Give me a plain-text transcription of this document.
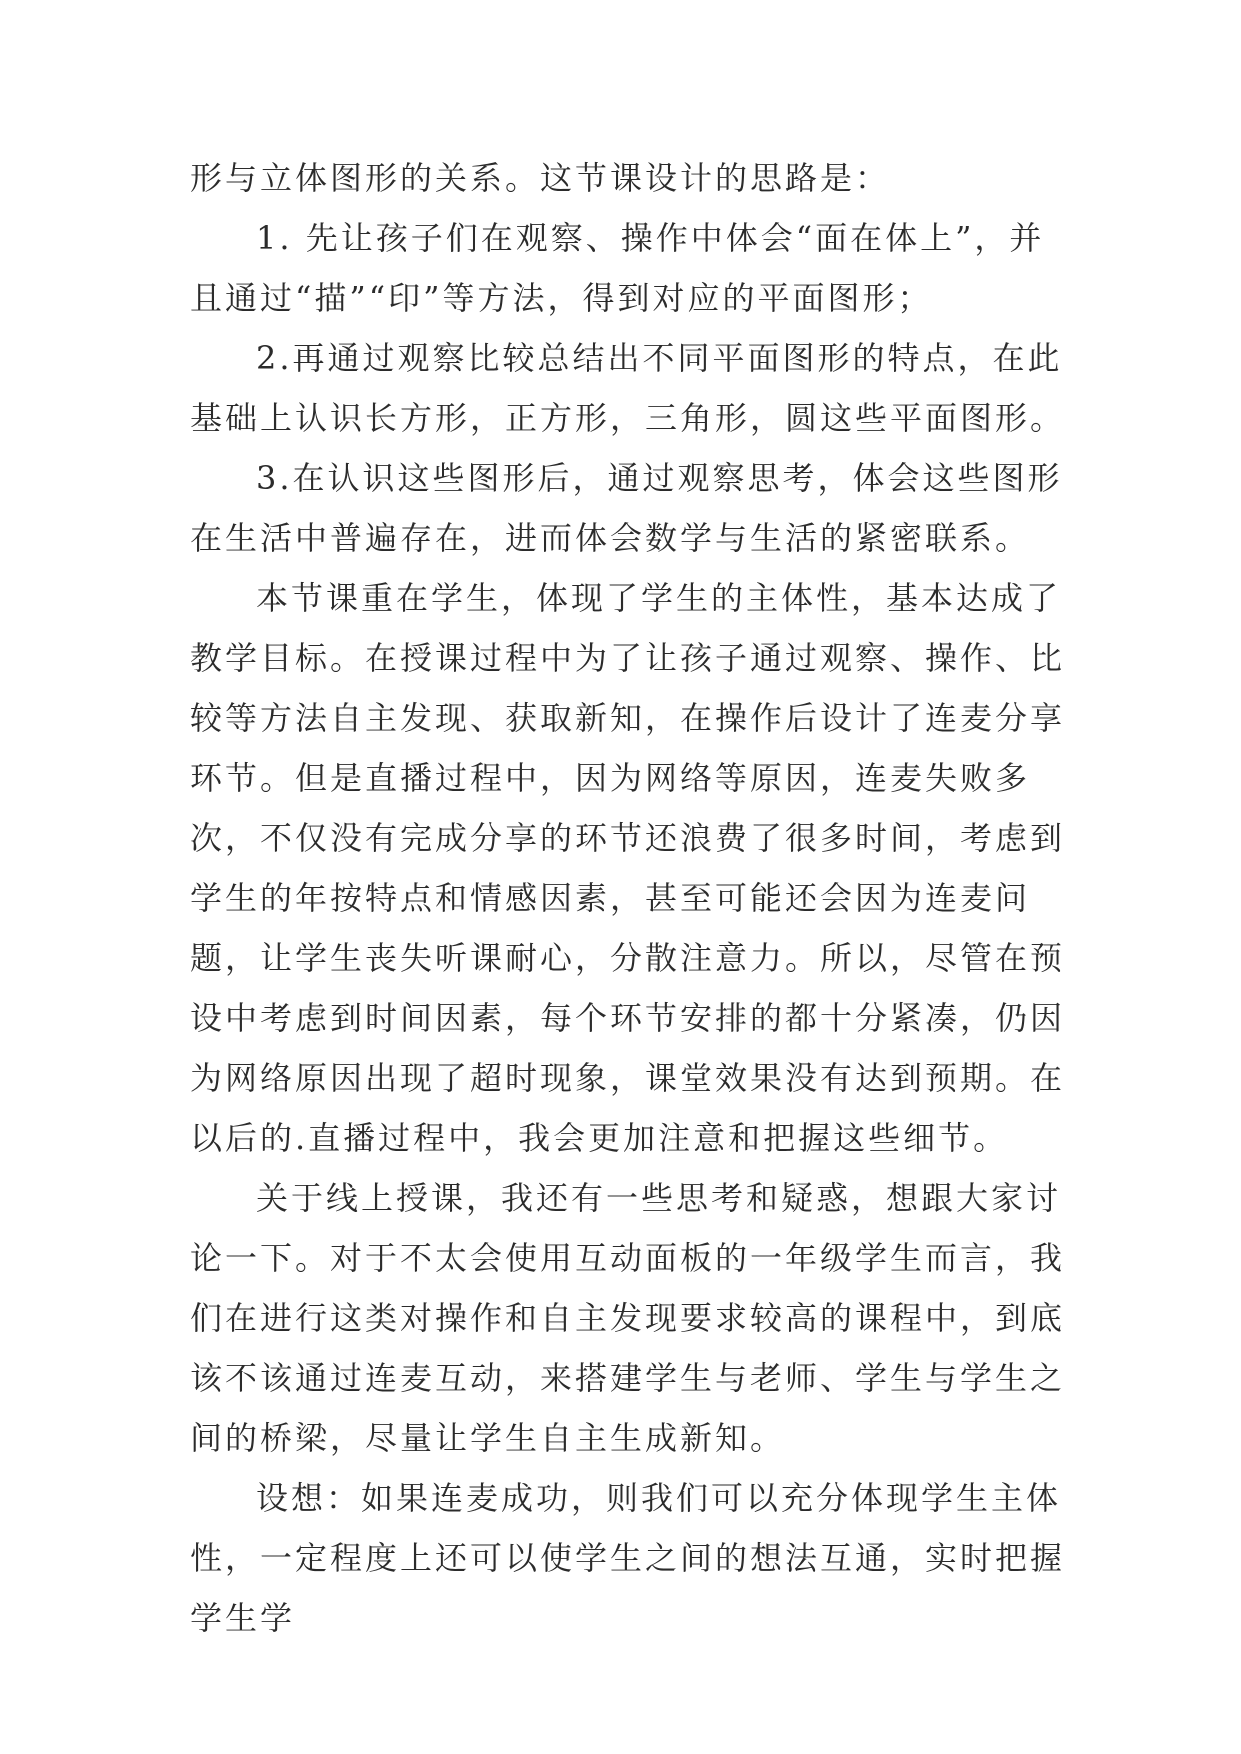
形与立体图形的关系。这节课设计的思路是：

1. 先让孩子们在观察、操作中体会“面在体上”，并且通过“描”“印”等方法，得到对应的平面图形；

2.再通过观察比较总结出不同平面图形的特点，在此基础上认识长方形，正方形，三角形，圆这些平面图形。

3.在认识这些图形后，通过观察思考，体会这些图形在生活中普遍存在，进而体会数学与生活的紧密联系。

本节课重在学生，体现了学生的主体性，基本达成了教学目标。在授课过程中为了让孩子通过观察、操作、比较等方法自主发现、获取新知，在操作后设计了连麦分享环节。但是直播过程中，因为网络等原因，连麦失败多次，不仅没有完成分享的环节还浪费了很多时间，考虑到学生的年按特点和情感因素，甚至可能还会因为连麦问题，让学生丧失听课耐心，分散注意力。所以，尽管在预设中考虑到时间因素，每个环节安排的都十分紧凑，仍因为网络原因出现了超时现象，课堂效果没有达到预期。在以后的.直播过程中，我会更加注意和把握这些细节。

关于线上授课，我还有一些思考和疑惑，想跟大家讨论一下。对于不太会使用互动面板的一年级学生而言，我们在进行这类对操作和自主发现要求较高的课程中，到底该不该通过连麦互动，来搭建学生与老师、学生与学生之间的桥梁，尽量让学生自主生成新知。

设想：如果连麦成功，则我们可以充分体现学生主体性，一定程度上还可以使学生之间的想法互通，实时把握学生学
